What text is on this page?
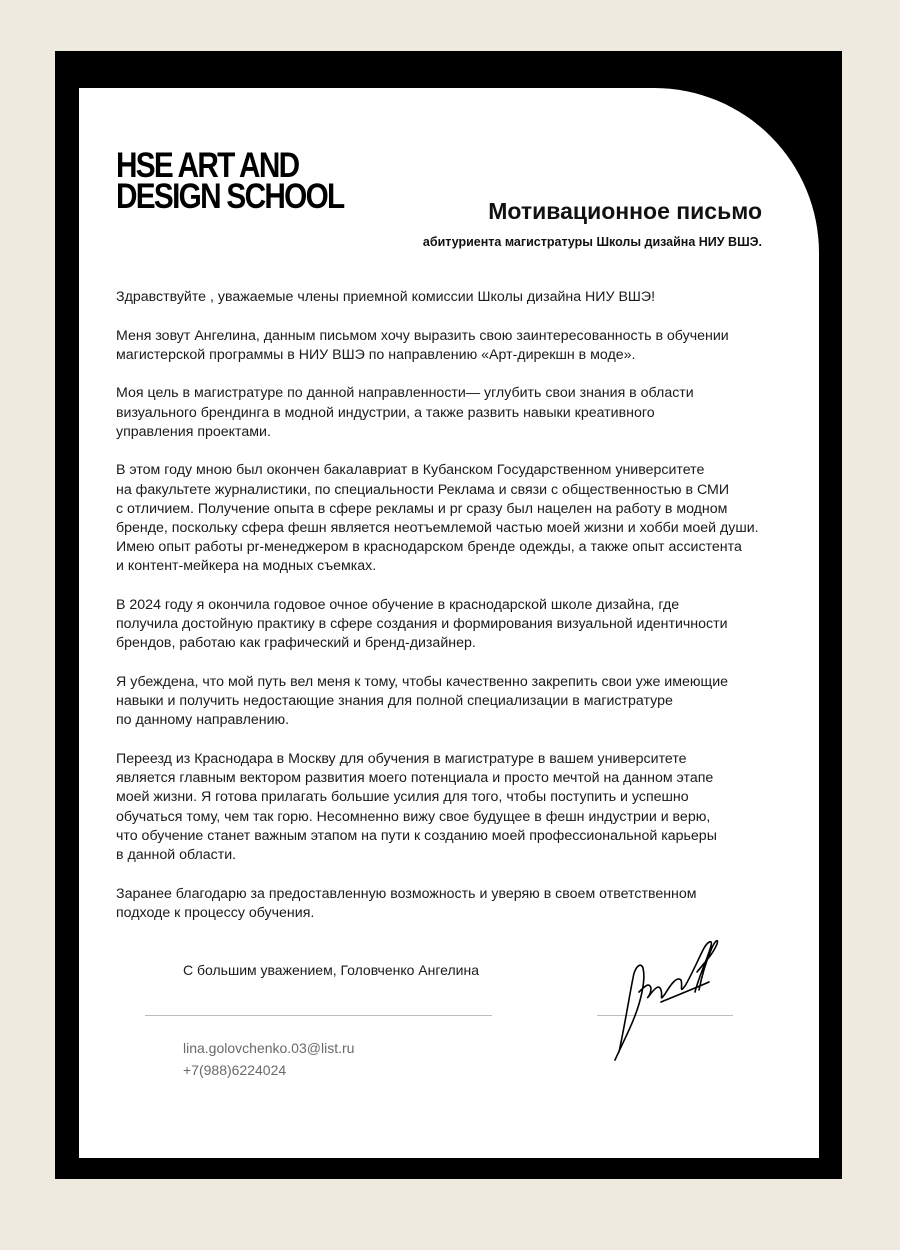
HSE ART AND
DESIGN SCHOOL	Мотивационное письмо
абитуриента магистратуры Школы дизайна НИУ ВШЭ.
Здравствуйте , уважаемые члены приемной комиссии Школы дизайна НИУ ВШЭ!
Меня зовут Ангелина, данным письмом хочу выразить свою заинтересованность в обучении
магистерской программы в НИУ ВШЭ по направлению «Арт-дирекшн в моде».
Моя цель в магистратуре по данной направленности— углубить свои знания в области
визуального брендинга в модной индустрии, а также развить навыки креативного
управления проектами.
В этом году мною был окончен бакалавриат в Кубанском Государственном университете
на факультете журналистики, по специальности Реклама и связи с общественностью в СМИ
с отличием. Получение опыта в сфере рекламы и pr сразу был нацелен на работу в модном
бренде, поскольку сфера фешн является неотъемлемой частью моей жизни и хобби моей души.
Имею опыт работы pr-менеджером в краснодарском бренде одежды, а также опыт ассистента
и контент-мейкера на модных съемках.
В 2024 году я окончила годовое очное обучение в краснодарской школе дизайна, где
получила достойную практику в сфере создания и формирования визуальной идентичности
брендов, работаю как графический и бренд-дизайнер.
Я убеждена, что мой путь вел меня к тому, чтобы качественно закрепить свои уже имеющие
навыки и получить недостающие знания для полной специализации в магистратуре
по данному направлению.
Переезд из Краснодара в Москву для обучения в магистратуре в вашем университете
является главным вектором развития моего потенциала и просто мечтой на данном этапе
моей жизни. Я готова прилагать большие усилия для того, чтобы поступить и успешно
обучаться тому, чем так горю. Несомненно вижу свое будущее в фешн индустрии и верю,
что обучение станет важным этапом на пути к созданию моей профессиональной карьеры
в данной области.
Заранее благодарю за предоставленную возможность и уверяю в своем ответственном
подходе к процессу обучения.
С большим уважением, Головченко Ангелина
lina.golovchenko.03@list.ru
+7(988)6224024
